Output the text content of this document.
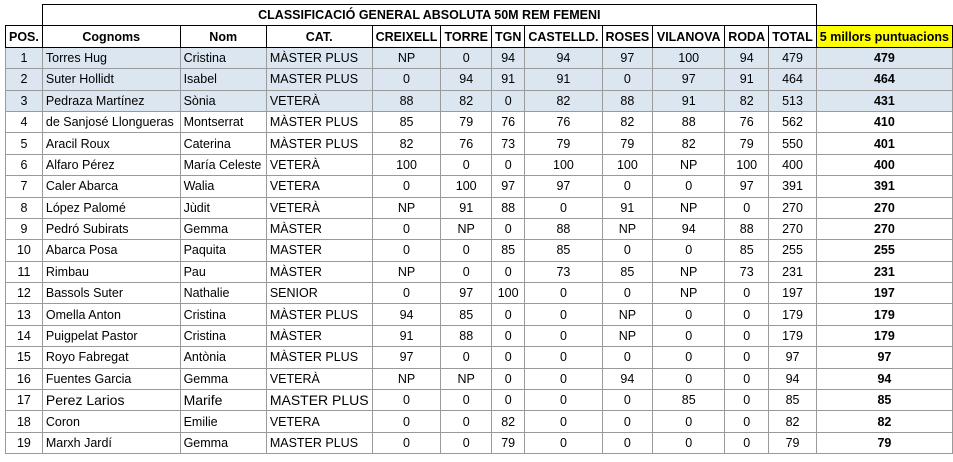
	CLASSIFICACIÓ GENERAL ABSOLUTA 50M REM FEMENI											
POS.	Cognoms	Nom	CAT.	CREIXELL	TORRE	TGN	CASTELLD.	ROSES	VILANOVA	RODA	TOTAL	5 millors puntuacions
1	Torres Hug	Cristina	MÀSTER PLUS	NP	0	94	94	97	100	94	479	479
2	Suter Hollidt	Isabel	MASTER PLUS	0	94	91	91	0	97	91	464	464
3	Pedraza Martínez	Sònia	VETERÀ	88	82	0	82	88	91	82	513	431
4	de Sanjosé Llongueras	Montserrat	MÀSTER PLUS	85	79	76	76	82	88	76	562	410
5	Aracil Roux	Caterina	MÀSTER PLUS	82	76	73	79	79	82	79	550	401
6	Alfaro Pérez	María Celeste	VETERÀ	100	0	0	100	100	NP	100	400	400
7	Caler Abarca	Walia	VETERA	0	100	97	97	0	0	97	391	391
8	López Palomé	Jùdit	VETERÀ	NP	91	88	0	91	NP	0	270	270
9	Pedró Subirats	Gemma	MÀSTER	0	NP	0	88	NP	94	88	270	270
10	Abarca Posa	Paquita	MASTER	0	0	85	85	0	0	85	255	255
11	Rimbau	Pau	MÀSTER	NP	0	0	73	85	NP	73	231	231
12	Bassols Suter	Nathalie	SENIOR	0	97	100	0	0	NP	0	197	197
13	Omella Anton	Cristina	MÀSTER PLUS	94	85	0	0	NP	0	0	179	179
14	Puigpelat Pastor	Cristina	MÀSTER	91	88	0	0	NP	0	0	179	179
15	Royo Fabregat	Antònia	MÀSTER PLUS	97	0	0	0	0	0	0	97	97
16	Fuentes Garcia	Gemma	VETERÀ	NP	NP	0	0	94	0	0	94	94
17	Perez Larios	Marife	MASTER PLUS	0	0	0	0	0	85	0	85	85
18	Coron	Emilie	VETERA	0	0	82	0	0	0	0	82	82
19	Marxh Jardí	Gemma	MASTER PLUS	0	0	79	0	0	0	0	79	79
